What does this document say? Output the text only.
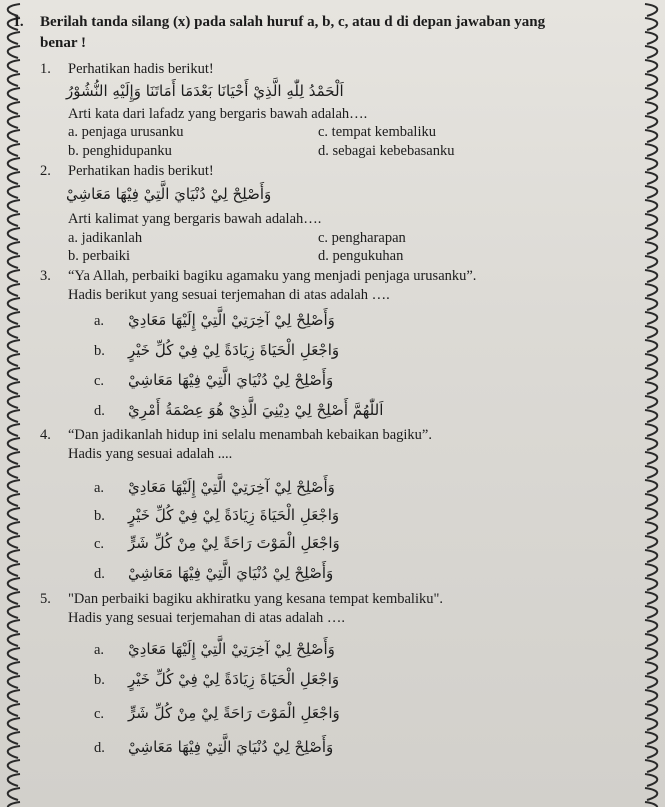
I. Berilah tanda silang (x) pada salah huruf a, b, c, atau d di depan jawaban yang
benar !
1. Perhatikan hadis berikut!
اَلْحَمْدُ لِلّٰهِ الَّذِيْ أَحْيَانَا بَعْدَمَا أَمَاتَنَا وَإِلَيْهِ النُّشُوْرُ
Arti kata dari lafadz yang bergaris bawah adalah….
a. penjaga urusanku	c. tempat kembaliku
b. penghidupanku	d. sebagai kebebasanku
2. Perhatikan hadis berikut!
وَأَصْلِحْ لِيْ دُنْيَايَ الَّتِيْ فِيْهَا مَعَاشِيْ
Arti kalimat yang bergaris bawah adalah….
a. jadikanlah	c. pengharapan
b. perbaiki	d. pengukuhan
3. “Ya Allah, perbaiki bagiku agamaku yang menjadi penjaga urusanku”.
Hadis berikut yang sesuai terjemahan di atas adalah ….
a. وَأَصْلِحْ لِيْ آخِرَتِيْ الَّتِيْ إِلَيْهَا مَعَادِيْ
b. وَاجْعَلِ الْحَيَاةَ زِيَادَةً لِيْ فِيْ كُلِّ خَيْرٍ
c. وَأَصْلِحْ لِيْ دُنْيَايَ الَّتِيْ فِيْهَا مَعَاشِيْ
d. اَللّٰهُمَّ أَصْلِحْ لِيْ دِيْنِيَ الَّذِيْ هُوَ عِصْمَةُ أَمْرِيْ
4. “Dan jadikanlah hidup ini selalu menambah kebaikan bagiku”.
Hadis yang sesuai adalah ....
a. وَأَصْلِحْ لِيْ آخِرَتِيْ الَّتِيْ إِلَيْهَا مَعَادِيْ
b. وَاجْعَلِ الْحَيَاةَ زِيَادَةً لِيْ فِيْ كُلِّ خَيْرٍ
c. وَاجْعَلِ الْمَوْتَ رَاحَةً لِيْ مِنْ كُلِّ شَرٍّ
d. وَأَصْلِحْ لِيْ دُنْيَايَ الَّتِيْ فِيْهَا مَعَاشِيْ
5. "Dan perbaiki bagiku akhiratku yang kesana tempat kembaliku".
Hadis yang sesuai terjemahan di atas adalah ….
a. وَأَصْلِحْ لِيْ آخِرَتِيْ الَّتِيْ إِلَيْهَا مَعَادِيْ
b. وَاجْعَلِ الْحَيَاةَ زِيَادَةً لِيْ فِيْ كُلِّ خَيْرٍ
c. وَاجْعَلِ الْمَوْتَ رَاحَةً لِيْ مِنْ كُلِّ شَرٍّ
d. وَأَصْلِحْ لِيْ دُنْيَايَ الَّتِيْ فِيْهَا مَعَاشِيْ
